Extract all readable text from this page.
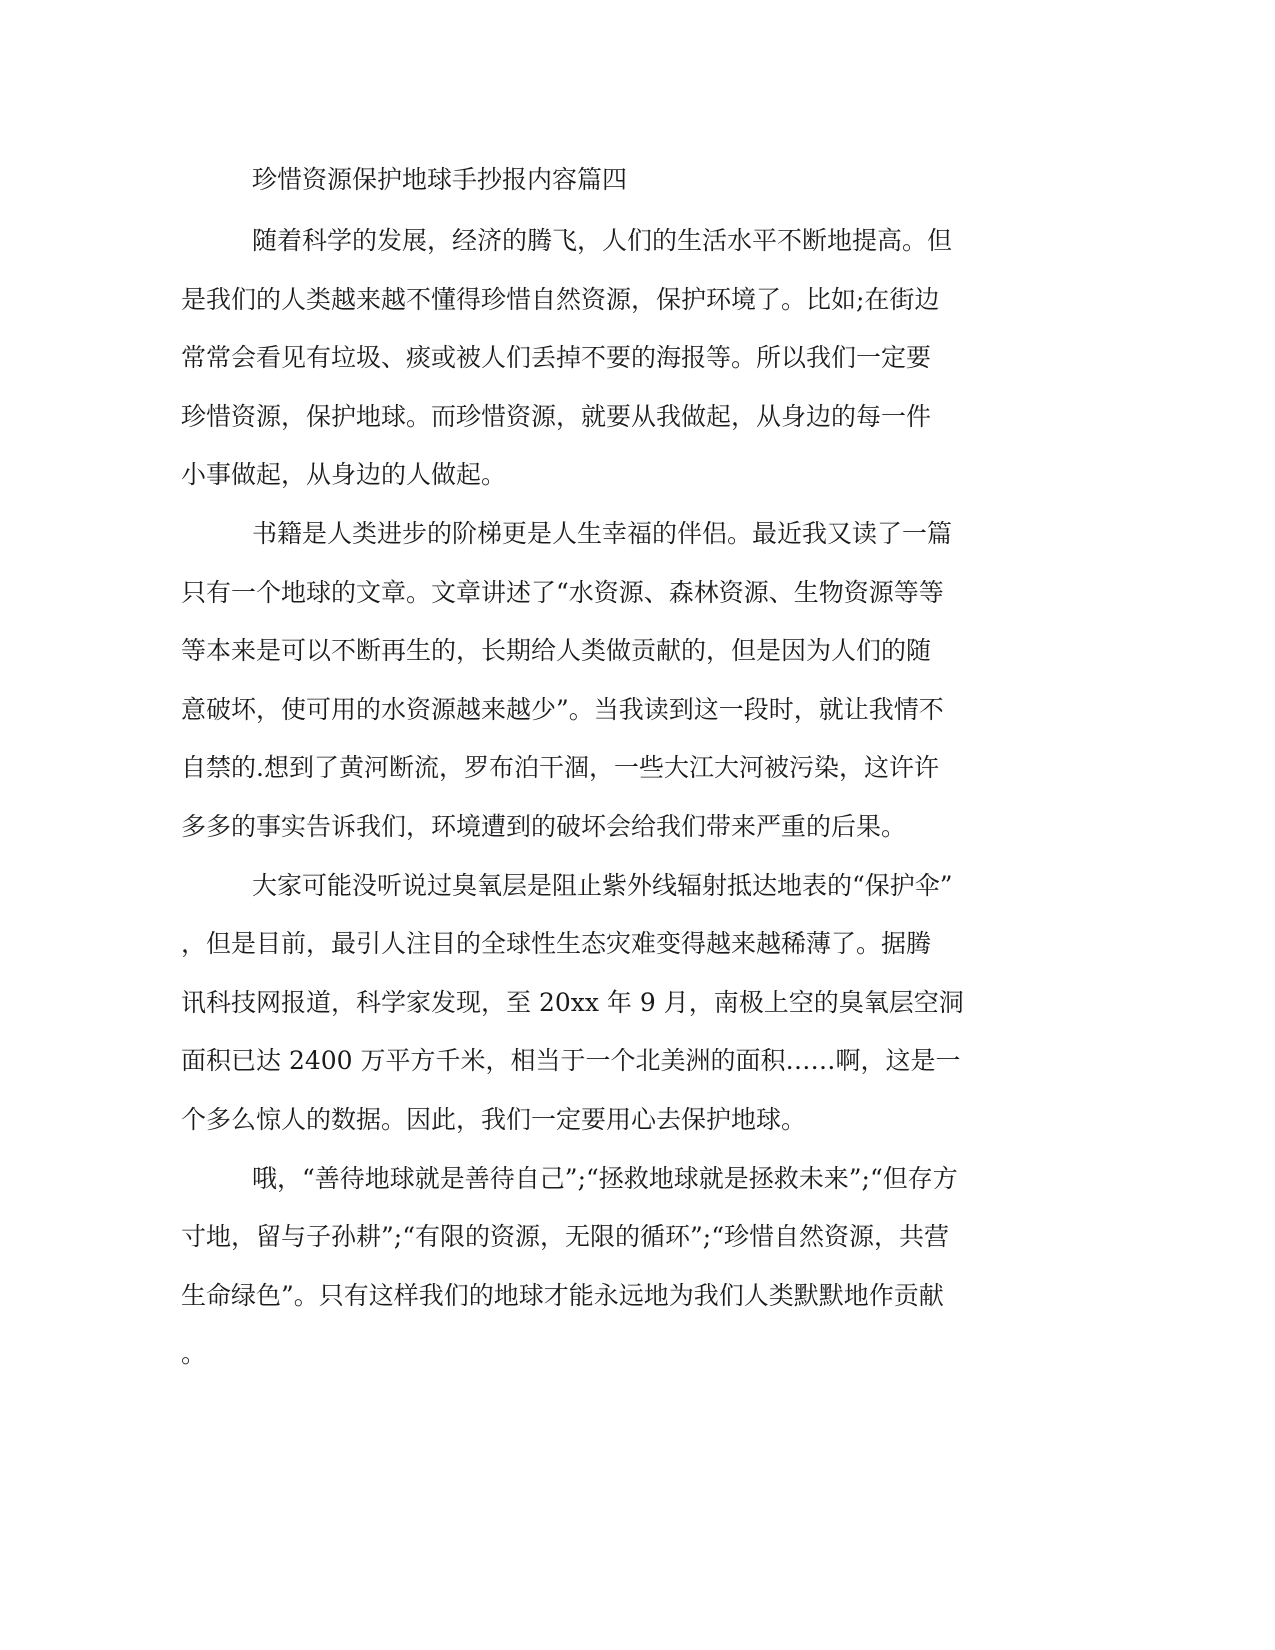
珍惜资源保护地球手抄报内容篇四
随着科学的发展，经济的腾飞，人们的生活水平不断地提高。但
是我们的人类越来越不懂得珍惜自然资源，保护环境了。比如;在街边
常常会看见有垃圾、痰或被人们丢掉不要的海报等。所以我们一定要
珍惜资源，保护地球。而珍惜资源，就要从我做起，从身边的每一件
小事做起，从身边的人做起。
书籍是人类进步的阶梯更是人生幸福的伴侣。最近我又读了一篇
只有一个地球的文章。文章讲述了“水资源、森林资源、生物资源等等
等本来是可以不断再生的，长期给人类做贡献的，但是因为人们的随
意破坏，使可用的水资源越来越少”。当我读到这一段时，就让我情不
自禁的.想到了黄河断流，罗布泊干涸，一些大江大河被污染，这许许
多多的事实告诉我们，环境遭到的破坏会给我们带来严重的后果。
大家可能没听说过臭氧层是阻止紫外线辐射抵达地表的“保护伞”
，但是目前，最引人注目的全球性生态灾难变得越来越稀薄了。据腾
讯科技网报道，科学家发现，至 20xx 年 9 月，南极上空的臭氧层空洞
面积已达 2400 万平方千米，相当于一个北美洲的面积……啊，这是一
个多么惊人的数据。因此，我们一定要用心去保护地球。
哦，“善待地球就是善待自己”;“拯救地球就是拯救未来”;“但存方
寸地，留与子孙耕”;“有限的资源，无限的循环”;“珍惜自然资源，共营
生命绿色”。只有这样我们的地球才能永远地为我们人类默默地作贡献
。
